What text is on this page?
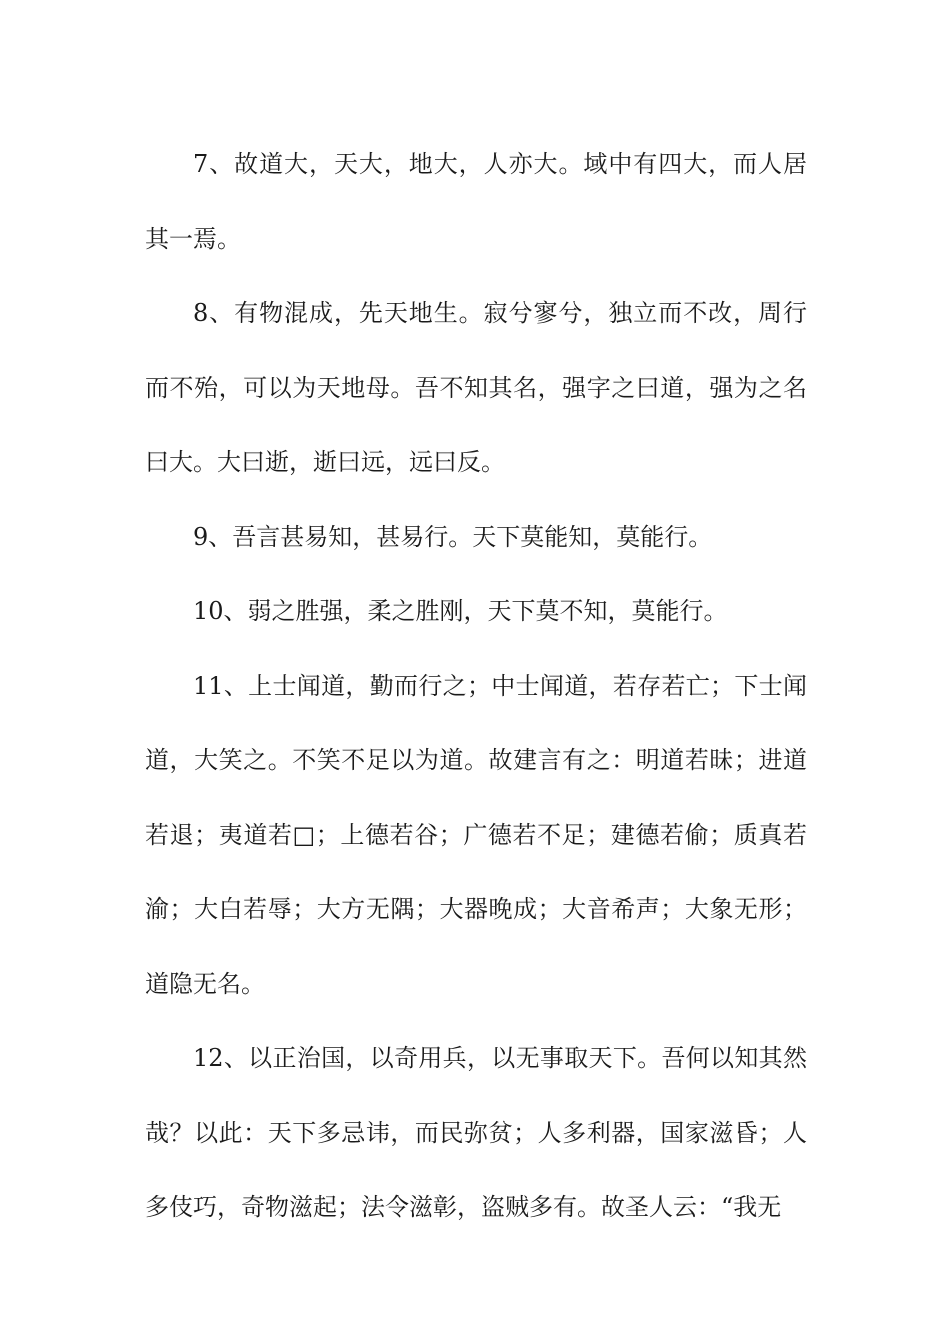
7、故道大，天大，地大，人亦大。域中有四大，而人居其一焉。

8、有物混成，先天地生。寂兮寥兮，独立而不改，周行而不殆，可以为天地母。吾不知其名，强字之曰道，强为之名曰大。大曰逝，逝曰远，远曰反。

9、吾言甚易知，甚易行。天下莫能知，莫能行。

10、弱之胜强，柔之胜刚，天下莫不知，莫能行。

11、上士闻道，勤而行之；中士闻道，若存若亡；下士闻道，大笑之。不笑不足以为道。故建言有之：明道若昧；进道若退；夷道若□；上德若谷；广德若不足；建德若偷；质真若渝；大白若辱；大方无隅；大器晚成；大音希声；大象无形；道隐无名。

12、以正治国，以奇用兵，以无事取天下。吾何以知其然哉？以此：天下多忌讳，而民弥贫；人多利器，国家滋昏；人多伎巧，奇物滋起；法令滋彰，盗贼多有。故圣人云：“我无
